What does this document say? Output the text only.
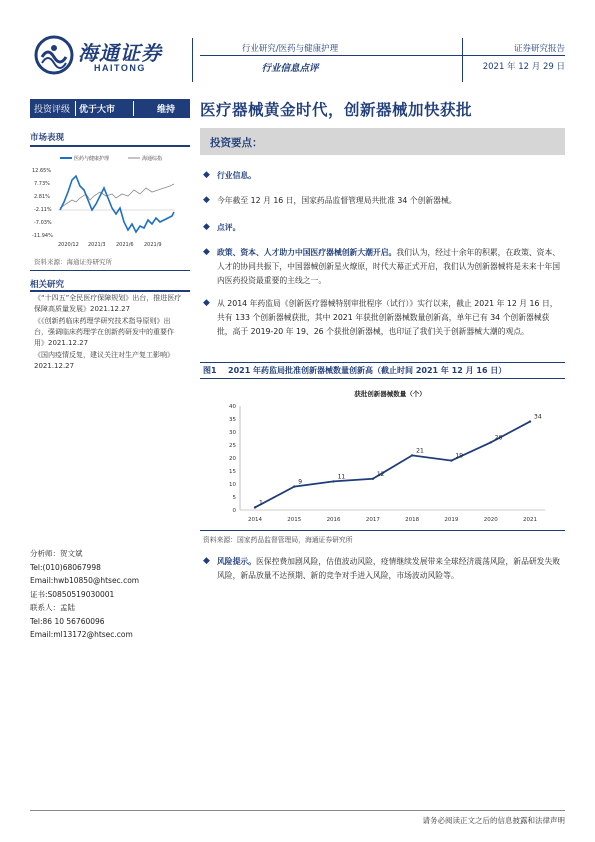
海通证券
HAITONG
行业研究/医药与健康护理
行业信息点评
证券研究报告
2021 年 12 月 29 日
投资评级 优于大市	维持 医疗器械黄金时代，创新器械加快获批
市场表现
医药与健康护理	海通综指
12.65%
7.73%
2.81%
-2.11%
-7.03%
-11.94%
2020/12 2021/3 2021/6 2021/9
资料来源：海通证券研究所
相关研究
《“十四五”全民医疗保障规划》出台，推进医疗保障高质量发展》2021.12.27
《《创新药临床药理学研究技术指导原则》出台，强调临床药理学在创新药研发中的重要作用》2021.12.27
《国内疫情反复，建议关注对生产复工影响》2021.12.27
分析师：贺文斌
Tel:(010)68067998
Email:hwb10850@htsec.com
证书:S0850519030001
联系人：孟陆
Tel:86 10 56760096
Email:ml13172@htsec.com
投资要点：
◆ 行业信息。
今年截至 12 月 16 日，国家药品监督管理局共批准 34 个创新器械。
◆
◆ 点评。
◆ 政策、资本、人才助力中国医疗器械创新大潮开启。我们认为，经过十余年的积累，在政策、资本、人才的协同共振下，中国器械创新星火燎原，时代大幕正式开启，我们认为创新器械将是未来十年国内医药投资最重要的主线之一。
◆ 从 2014 年药监局《创新医疗器械特别审批程序（试行）》实行以来，截止 2021 年 12 月 16 日，共有 133 个创新器械获批，其中 2021 年获批创新器械数量创新高，单年已有 34 个创新器械获批，高于 2019-20 年 19、26 个获批创新器械，也印证了我们关于创新器械大潮的观点。
图1 2021 年药监局批准创新器械数量创新高（截止时间 2021 年 12 月 16 日）
获批创新器械数量（个）
0
5
10
15
20
25
30
35
40
2014	2015	2016	2017	2018	2019	2020	2021
1
9
11	12
21
19
26
34
资料来源：国家药品监督管理局，海通证券研究所
◆ 风险提示。医保控费加剧风险，估值波动风险，疫情继续发展带来全球经济震荡风险，新品研发失败风险，新品放量不达预期、新的竞争对手进入风险，市场波动风险等。
请务必阅读正文之后的信息披露和法律声明
